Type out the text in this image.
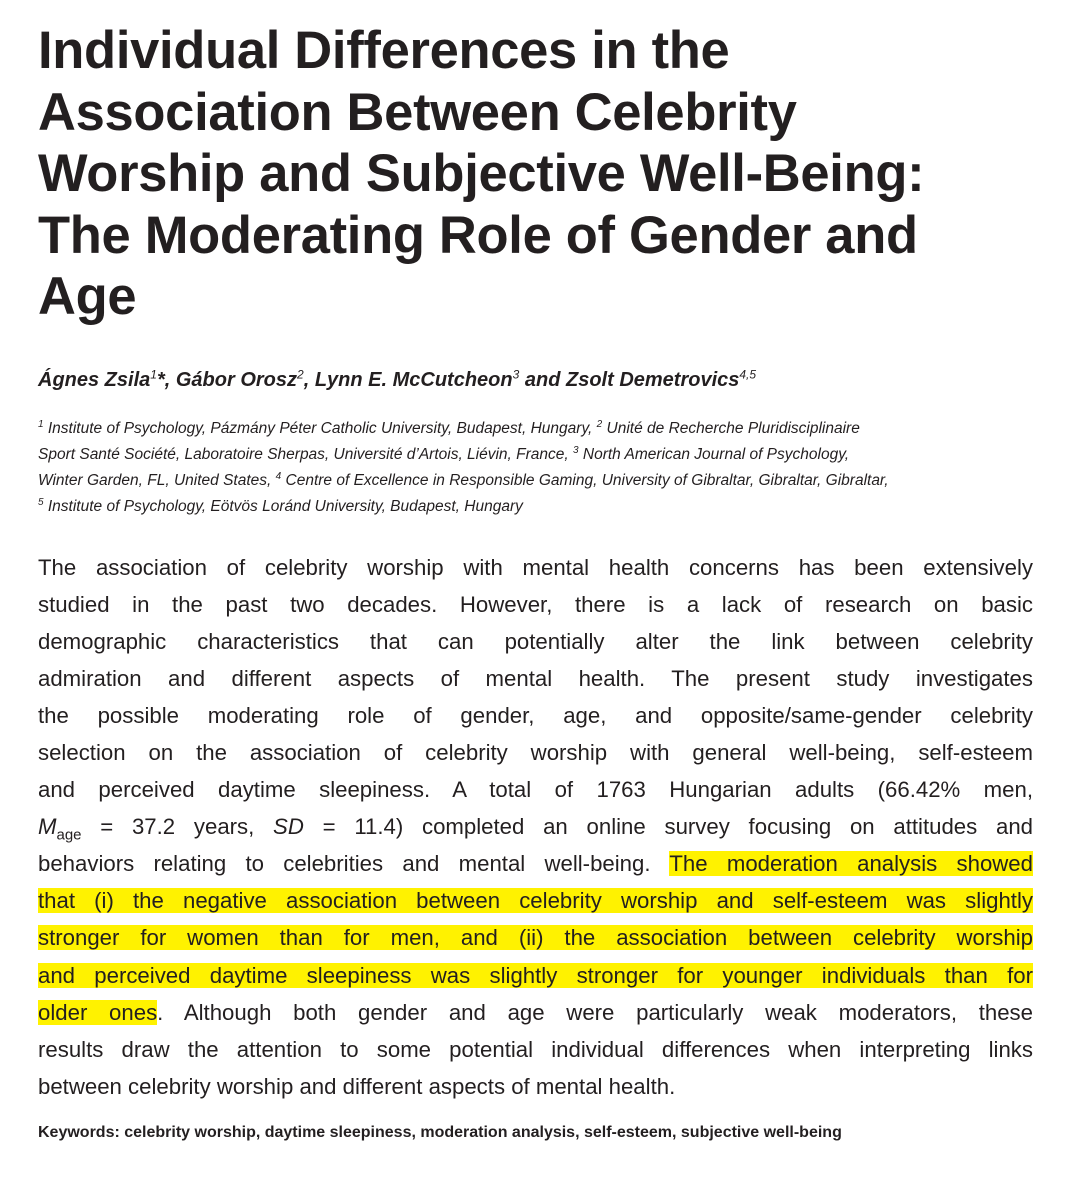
Individual Differences in the
Association Between Celebrity
Worship and Subjective Well-Being:
The Moderating Role of Gender and
Age
Ágnes Zsila$^1$*, Gábor Orosz$^2$, Lynn E. McCutcheon$^3$ and Zsolt Demetrovics$^{4,5}$
$^1$ Institute of Psychology, Pázmány Péter Catholic University, Budapest, Hungary, $^2$ Unité de Recherche Pluridisciplinaire
Sport Santé Société, Laboratoire Sherpas, Université d’Artois, Liévin, France, $^3$ North American Journal of Psychology,
Winter Garden, FL, United States, $^4$ Centre of Excellence in Responsible Gaming, University of Gibraltar, Gibraltar, Gibraltar,
$^5$ Institute of Psychology, Eötvös Loránd University, Budapest, Hungary
The association of celebrity worship with mental health concerns has been extensively
studied in the past two decades. However, there is a lack of research on basic
demographic characteristics that can potentially alter the link between celebrity
admiration and different aspects of mental health. The present study investigates
the possible moderating role of gender, age, and opposite/same-gender celebrity
selection on the association of celebrity worship with general well-being, self-esteem
and perceived daytime sleepiness. A total of 1763 Hungarian adults (66.42% men,
$M_{age} = 37.2$ years, SD = 11.4) completed an online survey focusing on attitudes and
behaviors relating to celebrities and mental well-being. The moderation analysis showed
that (i) the negative association between celebrity worship and self-esteem was slightly
stronger for women than for men, and (ii) the association between celebrity worship
and perceived daytime sleepiness was slightly stronger for younger individuals than for
older ones. Although both gender and age were particularly weak moderators, these
results draw the attention to some potential individual differences when interpreting links
between celebrity worship and different aspects of mental health.
Keywords: celebrity worship, daytime sleepiness, moderation analysis, self-esteem, subjective well-being
